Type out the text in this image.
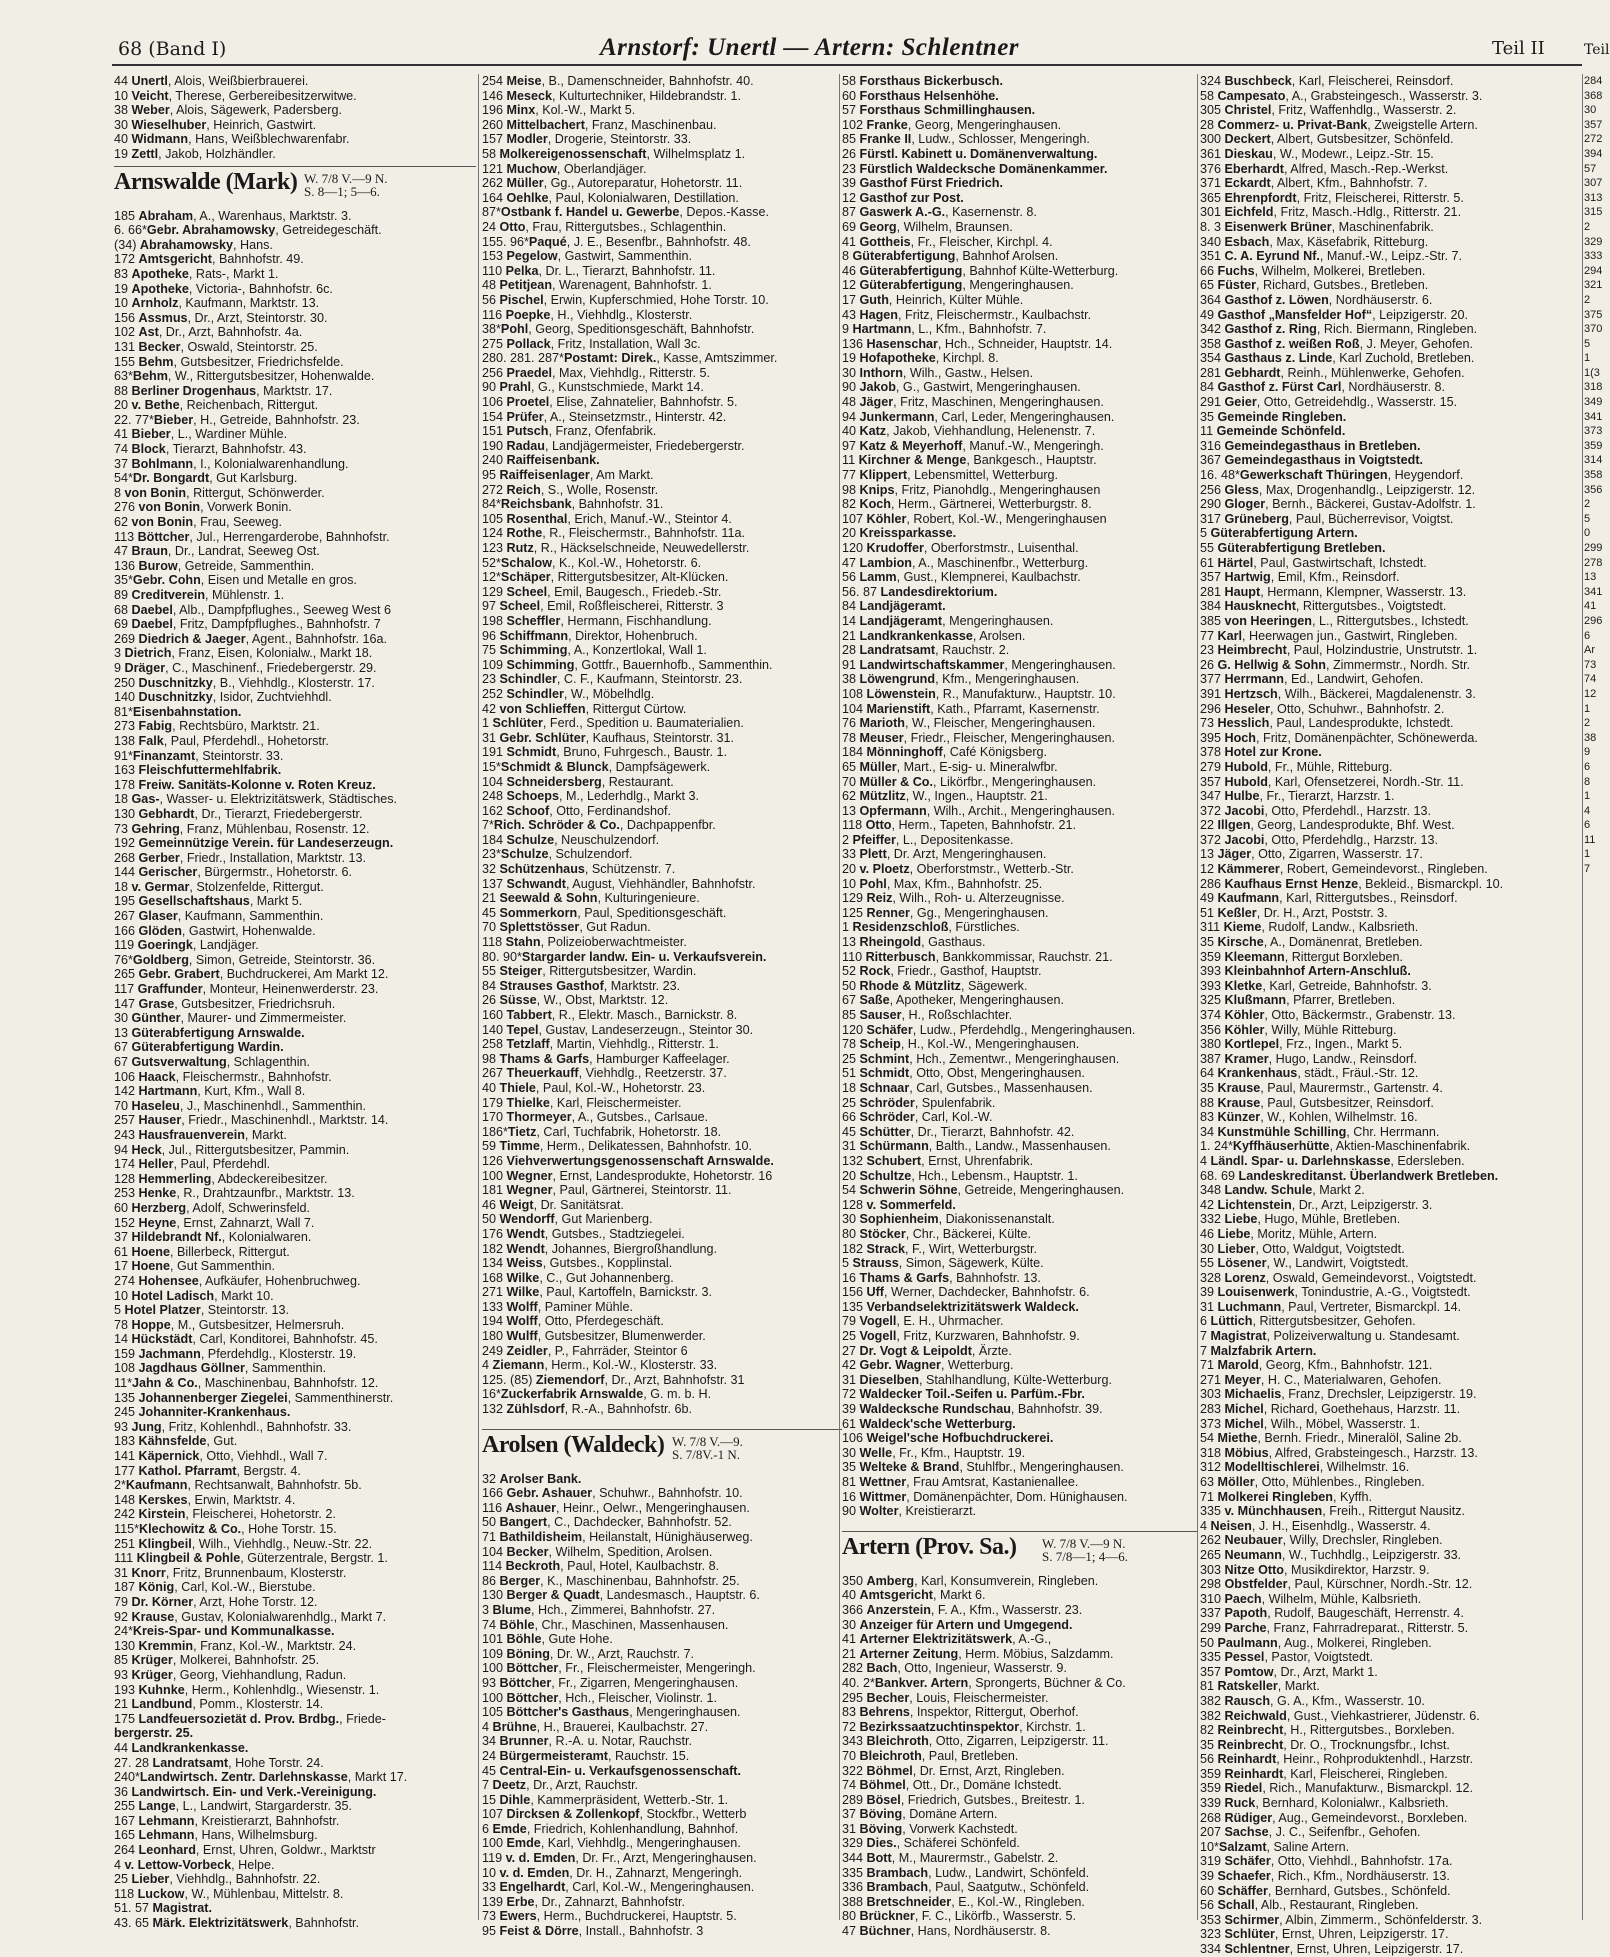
68 (Band I)	Arnstorf: Unertl — Artern: Schlentner	Teil II	Teil
44 Unertl, Alois, Weißbierbrauerei.
10 Veicht, Therese, Gerbereibesitzerwitwe.
38 Weber, Alois, Sägewerk, Padersberg.
30 Wieselhuber, Heinrich, Gastwirt.
40 Widmann, Hans, Weißblechwarenfabr.
19 Zettl, Jakob, Holzhändler.
Arnswalde (Mark) W. 7/8 V.—9 N.
S. 8—1; 5—6.
185 Abraham, A., Warenhaus, Marktstr. 3.
6. 66*Gebr. Abrahamowsky, Getreidegeschäft.
(34) Abrahamowsky, Hans.
172 Amtsgericht, Bahnhofstr. 49.
83 Apotheke, Rats-, Markt 1.
19 Apotheke, Victoria-, Bahnhofstr. 6c.
10 Arnholz, Kaufmann, Marktstr. 13.
156 Assmus, Dr., Arzt, Steintorstr. 30.
102 Ast, Dr., Arzt, Bahnhofstr. 4a.
131 Becker, Oswald, Steintorstr. 25.
155 Behm, Gutsbesitzer, Friedrichsfelde.
63*Behm, W., Rittergutsbesitzer, Hohenwalde.
88 Berliner Drogenhaus, Marktstr. 17.
20 v. Bethe, Reichenbach, Rittergut.
22. 77*Bieber, H., Getreide, Bahnhofstr. 23.
41 Bieber, L., Wardiner Mühle.
74 Block, Tierarzt, Bahnhofstr. 43.
37 Bohlmann, I., Kolonialwarenhandlung.
54*Dr. Bongardt, Gut Karlsburg.
8 von Bonin, Rittergut, Schönwerder.
276 von Bonin, Vorwerk Bonin.
62 von Bonin, Frau, Seeweg.
113 Böttcher, Jul., Herrengarderobe, Bahnhofstr.
47 Braun, Dr., Landrat, Seeweg Ost.
136 Burow, Getreide, Sammenthin.
35*Gebr. Cohn, Eisen und Metalle en gros.
89 Creditverein, Mühlenstr. 1.
68 Daebel, Alb., Dampfpflughes., Seeweg West 6
69 Daebel, Fritz, Dampfpflughes., Bahnhofstr. 7
269 Diedrich & Jaeger, Agent., Bahnhofstr. 16a.
3 Dietrich, Franz, Eisen, Kolonialw., Markt 18.
9 Dräger, C., Maschinenf., Friedebergerstr. 29.
250 Duschnitzky, B., Viehhdlg., Klosterstr. 17.
140 Duschnitzky, Isidor, Zuchtviehhdl.
81*Eisenbahnstation.
273 Fabig, Rechtsbüro, Marktstr. 21.
138 Falk, Paul, Pferdehdl., Hohetorstr.
91*Finanzamt, Steintorstr. 33.
163 Fleischfuttermehlfabrik.
178 Freiw. Sanitäts-Kolonne v. Roten Kreuz.
18 Gas-, Wasser- u. Elektrizitätswerk, Städtisches.
130 Gebhardt, Dr., Tierarzt, Friedebergerstr.
73 Gehring, Franz, Mühlenbau, Rosenstr. 12.
192 Gemeinnützige Verein. für Landeserzeugn.
268 Gerber, Friedr., Installation, Marktstr. 13.
144 Gerischer, Bürgermstr., Hohetorstr. 6.
18 v. Germar, Stolzenfelde, Rittergut.
195 Gesellschaftshaus, Markt 5.
267 Glaser, Kaufmann, Sammenthin.
166 Glöden, Gastwirt, Hohenwalde.
119 Goeringk, Landjäger.
76*Goldberg, Simon, Getreide, Steintorstr. 36.
265 Gebr. Grabert, Buchdruckerei, Am Markt 12.
117 Graffunder, Monteur, Heinenwerderstr. 23.
147 Grase, Gutsbesitzer, Friedrichsruh.
30 Günther, Maurer- und Zimmermeister.
13 Güterabfertigung Arnswalde.
67 Güterabfertigung Wardin.
67 Gutsverwaltung, Schlagenthin.
106 Haack, Fleischermstr., Bahnhofstr.
142 Hartmann, Kurt, Kfm., Wall 8.
70 Haseleu, J., Maschinenhdl., Sammenthin.
257 Hauser, Friedr., Maschinenhdl., Marktstr. 14.
243 Hausfrauenverein, Markt.
94 Heck, Jul., Rittergutsbesitzer, Pammin.
174 Heller, Paul, Pferdehdl.
128 Hemmerling, Abdeckereibesitzer.
253 Henke, R., Drahtzaunfbr., Marktstr. 13.
60 Herzberg, Adolf, Schwerinsfeld.
152 Heyne, Ernst, Zahnarzt, Wall 7.
37 Hildebrandt Nf., Kolonialwaren.
61 Hoene, Billerbeck, Rittergut.
17 Hoene, Gut Sammenthin.
274 Hohensee, Aufkäufer, Hohenbruchweg.
10 Hotel Ladisch, Markt 10.
5 Hotel Platzer, Steintorstr. 13.
78 Hoppe, M., Gutsbesitzer, Helmersruh.
14 Hückstädt, Carl, Konditorei, Bahnhofstr. 45.
159 Jachmann, Pferdehdlg., Klosterstr. 19.
108 Jagdhaus Göllner, Sammenthin.
11*Jahn & Co., Maschinenbau, Bahnhofstr. 12.
135 Johannenberger Ziegelei, Sammenthinerstr.
245 Johanniter-Krankenhaus.
93 Jung, Fritz, Kohlenhdl., Bahnhofstr. 33.
183 Kähnsfelde, Gut.
141 Käpernick, Otto, Viehhdl., Wall 7.
177 Kathol. Pfarramt, Bergstr. 4.
2*Kaufmann, Rechtsanwalt, Bahnhofstr. 5b.
148 Kerskes, Erwin, Marktstr. 4.
242 Kirstein, Fleischerei, Hohetorstr. 2.
115*Klechowitz & Co., Hohe Torstr. 15.
251 Klingbeil, Wilh., Viehhdlg., Neuw.-Str. 22.
111 Klingbeil & Pohle, Güterzentrale, Bergstr. 1.
31 Knorr, Fritz, Brunnenbaum, Klosterstr.
187 König, Carl, Kol.-W., Bierstube.
79 Dr. Körner, Arzt, Hohe Torstr. 12.
92 Krause, Gustav, Kolonialwarenhdlg., Markt 7.
24*Kreis-Spar- und Kommunalkasse.
130 Kremmin, Franz, Kol.-W., Marktstr. 24.
85 Krüger, Molkerei, Bahnhofstr. 25.
93 Krüger, Georg, Viehhandlung, Radun.
193 Kuhnke, Herm., Kohlenhdlg., Wiesenstr. 1.
21 Landbund, Pomm., Klosterstr. 14.
175 Landfeuersozietät d. Prov. Brdbg., Friede-
bergerstr. 25.
44 Landkrankenkasse.
27. 28 Landratsamt, Hohe Torstr. 24.
240*Landwirtsch. Zentr. Darlehnskasse, Markt 17.
36 Landwirtsch. Ein- und Verk.-Vereinigung.
255 Lange, L., Landwirt, Stargarderstr. 35.
167 Lehmann, Kreistierarzt, Bahnhofstr.
165 Lehmann, Hans, Wilhelmsburg.
264 Leonhard, Ernst, Uhren, Goldwr., Marktstr
4 v. Lettow-Vorbeck, Helpe.
25 Lieber, Viehhdlg., Bahnhofstr. 22.
118 Luckow, W., Mühlenbau, Mittelstr. 8.
51. 57 Magistrat.
43. 65 Märk. Elektrizitätswerk, Bahnhofstr.
254 Meise, B., Damenschneider, Bahnhofstr. 40.
146 Meseck, Kulturtechniker, Hildebrandstr. 1.
196 Minx, Kol.-W., Markt 5.
260 Mittelbachert, Franz, Maschinenbau.
157 Modler, Drogerie, Steintorstr. 33.
58 Molkereigenossenschaft, Wilhelmsplatz 1.
121 Muchow, Oberlandjäger.
262 Müller, Gg., Autoreparatur, Hohetorstr. 11.
164 Oehlke, Paul, Kolonialwaren, Destillation.
87*Ostbank f. Handel u. Gewerbe, Depos.-Kasse.
24 Otto, Frau, Rittergutsbes., Schlagenthin.
155. 96*Paqué, J. E., Besenfbr., Bahnhofstr. 48.
153 Pegelow, Gastwirt, Sammenthin.
110 Pelka, Dr. L., Tierarzt, Bahnhofstr. 11.
48 Petitjean, Warenagent, Bahnhofstr. 1.
56 Pischel, Erwin, Kupferschmied, Hohe Torstr. 10.
116 Poepke, H., Viehhdlg., Klosterstr.
38*Pohl, Georg, Speditionsgeschäft, Bahnhofstr.
275 Pollack, Fritz, Installation, Wall 3c.
280. 281. 287*Postamt: Direk., Kasse, Amtszimmer.
256 Praedel, Max, Viehhdlg., Ritterstr. 5.
90 Prahl, G., Kunstschmiede, Markt 14.
106 Proetel, Elise, Zahnatelier, Bahnhofstr. 5.
154 Prüfer, A., Steinsetzmstr., Hinterstr. 42.
151 Putsch, Franz, Ofenfabrik.
190 Radau, Landjägermeister, Friedebergerstr.
240 Raiffeisenbank.
95 Raiffeisenlager, Am Markt.
272 Reich, S., Wolle, Rosenstr.
84*Reichsbank, Bahnhofstr. 31.
105 Rosenthal, Erich, Manuf.-W., Steintor 4.
124 Rothe, R., Fleischermstr., Bahnhofstr. 11a.
123 Rutz, R., Häckselschneide, Neuwedellerstr.
52*Schalow, K., Kol.-W., Hohetorstr. 6.
12*Schäper, Rittergutsbesitzer, Alt-Klücken.
129 Scheel, Emil, Baugesch., Friedeb.-Str.
97 Scheel, Emil, Roßfleischerei, Ritterstr. 3
198 Scheffler, Hermann, Fischhandlung.
96 Schiffmann, Direktor, Hohenbruch.
75 Schimming, A., Konzertlokal, Wall 1.
109 Schimming, Gottfr., Bauernhofb., Sammenthin.
23 Schindler, C. F., Kaufmann, Steintorstr. 23.
252 Schindler, W., Möbelhdlg.
42 von Schlieffen, Rittergut Cürtow.
1 Schlüter, Ferd., Spedition u. Baumaterialien.
31 Gebr. Schlüter, Kaufhaus, Steintorstr. 31.
191 Schmidt, Bruno, Fuhrgesch., Baustr. 1.
15*Schmidt & Blunck, Dampfsägewerk.
104 Schneidersberg, Restaurant.
248 Schoeps, M., Lederhdlg., Markt 3.
162 Schoof, Otto, Ferdinandshof.
7*Rich. Schröder & Co., Dachpappenfbr.
184 Schulze, Neuschulzendorf.
23*Schulze, Schulzendorf.
32 Schützenhaus, Schützenstr. 7.
137 Schwandt, August, Viehhändler, Bahnhofstr.
21 Seewald & Sohn, Kulturingenieure.
45 Sommerkorn, Paul, Speditionsgeschäft.
70 Splettstösser, Gut Radun.
118 Stahn, Polizeioberwachtmeister.
80. 90*Stargarder landw. Ein- u. Verkaufsverein.
55 Steiger, Rittergutsbesitzer, Wardin.
84 Strauses Gasthof, Marktstr. 23.
26 Süsse, W., Obst, Marktstr. 12.
160 Tabbert, R., Elektr. Masch., Barnickstr. 8.
140 Tepel, Gustav, Landeserzeugn., Steintor 30.
258 Tetzlaff, Martin, Viehhdlg., Ritterstr. 1.
98 Thams & Garfs, Hamburger Kaffeelager.
267 Theuerkauff, Viehhdlg., Reetzerstr. 37.
40 Thiele, Paul, Kol.-W., Hohetorstr. 23.
179 Thielke, Karl, Fleischermeister.
170 Thormeyer, A., Gutsbes., Carlsaue.
186*Tietz, Carl, Tuchfabrik, Hohetorstr. 18.
59 Timme, Herm., Delikatessen, Bahnhofstr. 10.
126 Viehverwertungsgenossenschaft Arnswalde.
100 Wegner, Ernst, Landesprodukte, Hohetorstr. 16
181 Wegner, Paul, Gärtnerei, Steintorstr. 11.
46 Weigt, Dr. Sanitätsrat.
50 Wendorff, Gut Marienberg.
176 Wendt, Gutsbes., Stadtziegelei.
182 Wendt, Johannes, Biergroßhandlung.
134 Weiss, Gutsbes., Kopplinstal.
168 Wilke, C., Gut Johannenberg.
271 Wilke, Paul, Kartoffeln, Barnickstr. 3.
133 Wolff, Paminer Mühle.
194 Wolff, Otto, Pferdegeschäft.
180 Wulff, Gutsbesitzer, Blumenwerder.
249 Zeidler, P., Fahrräder, Steintor 6
4 Ziemann, Herm., Kol.-W., Klosterstr. 33.
125. (85) Ziemendorf, Dr., Arzt, Bahnhofstr. 31
16*Zuckerfabrik Arnswalde, G. m. b. H.
132 Zühlsdorf, R.-A., Bahnhofstr. 6b.
Arolsen (Waldeck) W. 7/8 V.—9.
S. 7/8V.-1 N.
32 Arolser Bank.
166 Gebr. Ashauer, Schuhwr., Bahnhofstr. 10.
116 Ashauer, Heinr., Oelwr., Mengeringhausen.
50 Bangert, C., Dachdecker, Bahnhofstr. 52.
71 Bathildisheim, Heilanstalt, Hünighäuserweg.
104 Becker, Wilhelm, Spedition, Arolsen.
114 Beckroth, Paul, Hotel, Kaulbachstr. 8.
86 Berger, K., Maschinenbau, Bahnhofstr. 25.
130 Berger & Quadt, Landesmasch., Hauptstr. 6.
3 Blume, Hch., Zimmerei, Bahnhofstr. 27.
74 Böhle, Chr., Maschinen, Massenhausen.
101 Böhle, Gute Hohe.
109 Böning, Dr. W., Arzt, Rauchstr. 7.
100 Böttcher, Fr., Fleischermeister, Mengeringh.
93 Böttcher, Fr., Zigarren, Mengeringhausen.
100 Böttcher, Hch., Fleischer, Violinstr. 1.
105 Böttcher's Gasthaus, Mengeringhausen.
4 Brühne, H., Brauerei, Kaulbachstr. 27.
34 Brunner, R.-A. u. Notar, Rauchstr.
24 Bürgermeisteramt, Rauchstr. 15.
45 Central-Ein- u. Verkaufsgenossenschaft.
7 Deetz, Dr., Arzt, Rauchstr.
15 Dihle, Kammerpräsident, Wetterb.-Str. 1.
107 Dircksen & Zollenkopf, Stockfbr., Wetterb
6 Emde, Friedrich, Kohlenhandlung, Bahnhof.
100 Emde, Karl, Viehhdlg., Mengeringhausen.
119 v. d. Emden, Dr. Fr., Arzt, Mengeringhausen.
10 v. d. Emden, Dr. H., Zahnarzt, Mengeringh.
33 Engelhardt, Carl, Kol.-W., Mengeringhausen.
139 Erbe, Dr., Zahnarzt, Bahnhofstr.
73 Ewers, Herm., Buchdruckerei, Hauptstr. 5.
95 Feist & Dörre, Install., Bahnhofstr. 3
58 Forsthaus Bickerbusch.
60 Forsthaus Helsenhöhe.
57 Forsthaus Schmillinghausen.
102 Franke, Georg, Mengeringhausen.
85 Franke II, Ludw., Schlosser, Mengeringh.
26 Fürstl. Kabinett u. Domänenverwaltung.
23 Fürstlich Waldecksche Domänenkammer.
39 Gasthof Fürst Friedrich.
12 Gasthof zur Post.
87 Gaswerk A.-G., Kasernenstr. 8.
69 Georg, Wilhelm, Braunsen.
41 Gottheis, Fr., Fleischer, Kirchpl. 4.
8 Güterabfertigung, Bahnhof Arolsen.
46 Güterabfertigung, Bahnhof Külte-Wetterburg.
12 Güterabfertigung, Mengeringhausen.
17 Guth, Heinrich, Külter Mühle.
43 Hagen, Fritz, Fleischermstr., Kaulbachstr.
9 Hartmann, L., Kfm., Bahnhofstr. 7.
136 Hasenschar, Hch., Schneider, Hauptstr. 14.
19 Hofapotheke, Kirchpl. 8.
30 Inthorn, Wilh., Gastw., Helsen.
90 Jakob, G., Gastwirt, Mengeringhausen.
48 Jäger, Fritz, Maschinen, Mengeringhausen.
94 Junkermann, Carl, Leder, Mengeringhausen.
40 Katz, Jakob, Viehhandlung, Helenenstr. 7.
97 Katz & Meyerhoff, Manuf.-W., Mengeringh.
11 Kirchner & Menge, Bankgesch., Hauptstr.
77 Klippert, Lebensmittel, Wetterburg.
98 Knips, Fritz, Pianohdlg., Mengeringhausen
82 Koch, Herm., Gärtnerei, Wetterburgstr. 8.
107 Köhler, Robert, Kol.-W., Mengeringhausen
20 Kreissparkasse.
120 Krudoffer, Oberforstmstr., Luisenthal.
47 Lambion, A., Maschinenfbr., Wetterburg.
56 Lamm, Gust., Klempnerei, Kaulbachstr.
56. 87 Landesdirektorium.
84 Landjägeramt.
14 Landjägeramt, Mengeringhausen.
21 Landkrankenkasse, Arolsen.
28 Landratsamt, Rauchstr. 2.
91 Landwirtschaftskammer, Mengeringhausen.
38 Löwengrund, Kfm., Mengeringhausen.
108 Löwenstein, R., Manufakturw., Hauptstr. 10.
104 Marienstift, Kath., Pfarramt, Kasernenstr.
76 Marioth, W., Fleischer, Mengeringhausen.
78 Meuser, Friedr., Fleischer, Mengeringhausen.
184 Mönninghoff, Café Königsberg.
65 Müller, Mart., E-sig- u. Mineralwfbr.
70 Müller & Co., Likörfbr., Mengeringhausen.
62 Mützlitz, W., Ingen., Hauptstr. 21.
13 Opfermann, Wilh., Archit., Mengeringhausen.
118 Otto, Herm., Tapeten, Bahnhofstr. 21.
2 Pfeiffer, L., Depositenkasse.
33 Plett, Dr. Arzt, Mengeringhausen.
20 v. Ploetz, Oberforstmstr., Wetterb.-Str.
10 Pohl, Max, Kfm., Bahnhofstr. 25.
129 Reiz, Wilh., Roh- u. Alterzeugnisse.
125 Renner, Gg., Mengeringhausen.
1 Residenzschloß, Fürstliches.
13 Rheingold, Gasthaus.
110 Ritterbusch, Bankkommissar, Rauchstr. 21.
52 Rock, Friedr., Gasthof, Hauptstr.
50 Rhode & Mützlitz, Sägewerk.
67 Saße, Apotheker, Mengeringhausen.
85 Sauser, H., Roßschlachter.
120 Schäfer, Ludw., Pferdehdlg., Mengeringhausen.
78 Scheip, H., Kol.-W., Mengeringhausen.
25 Schmint, Hch., Zementwr., Mengeringhausen.
51 Schmidt, Otto, Obst, Mengeringhausen.
18 Schnaar, Carl, Gutsbes., Massenhausen.
25 Schröder, Spulenfabrik.
66 Schröder, Carl, Kol.-W.
45 Schütter, Dr., Tierarzt, Bahnhofstr. 42.
31 Schürmann, Balth., Landw., Massenhausen.
132 Schubert, Ernst, Uhrenfabrik.
20 Schultze, Hch., Lebensm., Hauptstr. 1.
54 Schwerin Söhne, Getreide, Mengeringhausen.
128 v. Sommerfeld.
30 Sophienheim, Diakonissenanstalt.
80 Stöcker, Chr., Bäckerei, Külte.
182 Strack, F., Wirt, Wetterburgstr.
5 Strauss, Simon, Sägewerk, Külte.
16 Thams & Garfs, Bahnhofstr. 13.
156 Uff, Werner, Dachdecker, Bahnhofstr. 6.
135 Verbandselektrizitätswerk Waldeck.
79 Vogell, E. H., Uhrmacher.
25 Vogell, Fritz, Kurzwaren, Bahnhofstr. 9.
27 Dr. Vogt & Leipoldt, Ärzte.
42 Gebr. Wagner, Wetterburg.
31 Dieselben, Stahlhandlung, Külte-Wetterburg.
72 Waldecker Toil.-Seifen u. Parfüm.-Fbr.
39 Waldecksche Rundschau, Bahnhofstr. 39.
61 Waldeck'sche Wetterburg.
106 Weigel'sche Hofbuchdruckerei.
30 Welle, Fr., Kfm., Hauptstr. 19.
35 Welteke & Brand, Stuhlfbr., Mengeringhausen.
81 Wettner, Frau Amtsrat, Kastanienallee.
16 Wittmer, Domänenpächter, Dom. Hünighausen.
90 Wolter, Kreistierarzt.
Artern (Prov. Sa.) W. 7/8 V.—9 N.
S. 7/8—1; 4—6.
350 Amberg, Karl, Konsumverein, Ringleben.
40 Amtsgericht, Markt 6.
366 Anzerstein, F. A., Kfm., Wasserstr. 23.
30 Anzeiger für Artern und Umgegend.
41 Arterner Elektrizitätswerk, A.-G.,
21 Arterner Zeitung, Herm. Möbius, Salzdamm.
282 Bach, Otto, Ingenieur, Wasserstr. 9.
40. 2*Bankver. Artern, Sprongerts, Büchner & Co.
295 Becher, Louis, Fleischermeister.
83 Behrens, Inspektor, Rittergut, Oberhof.
72 Bezirkssaatzuchtinspektor, Kirchstr. 1.
343 Bleichroth, Otto, Zigarren, Leipzigerstr. 11.
70 Bleichroth, Paul, Bretleben.
322 Böhmel, Dr. Ernst, Arzt, Ringleben.
74 Böhmel, Ott., Dr., Domäne Ichstedt.
289 Bösel, Friedrich, Gutsbes., Breitestr. 1.
37 Böving, Domäne Artern.
31 Böving, Vorwerk Kachstedt.
329 Dies., Schäferei Schönfeld.
344 Bott, M., Maurermstr., Gabelstr. 2.
335 Brambach, Ludw., Landwirt, Schönfeld.
336 Brambach, Paul, Saatgutw., Schönfeld.
388 Bretschneider, E., Kol.-W., Ringleben.
80 Brückner, F. C., Likörfb., Wasserstr. 5.
47 Büchner, Hans, Nordhäuserstr. 8.
324 Buschbeck, Karl, Fleischerei, Reinsdorf.
58 Campesato, A., Grabsteingesch., Wasserstr. 3.
305 Christel, Fritz, Waffenhdlg., Wasserstr. 2.
28 Commerz- u. Privat-Bank, Zweigstelle Artern.
300 Deckert, Albert, Gutsbesitzer, Schönfeld.
361 Dieskau, W., Modewr., Leipz.-Str. 15.
376 Eberhardt, Alfred, Masch.-Rep.-Werkst.
371 Eckardt, Albert, Kfm., Bahnhofstr. 7.
365 Ehrenpfordt, Fritz, Fleischerei, Ritterstr. 5.
301 Eichfeld, Fritz, Masch.-Hdlg., Ritterstr. 21.
8. 3 Eisenwerk Brüner, Maschinenfabrik.
340 Esbach, Max, Käsefabrik, Ritteburg.
351 C. A. Eyrund Nf., Manuf.-W., Leipz.-Str. 7.
66 Fuchs, Wilhelm, Molkerei, Bretleben.
65 Füster, Richard, Gutsbes., Bretleben.
364 Gasthof z. Löwen, Nordhäuserstr. 6.
49 Gasthof „Mansfelder Hof“, Leipzigerstr. 20.
342 Gasthof z. Ring, Rich. Biermann, Ringleben.
358 Gasthof z. weißen Roß, J. Meyer, Gehofen.
354 Gasthaus z. Linde, Karl Zuchold, Bretleben.
281 Gebhardt, Reinh., Mühlenwerke, Gehofen.
84 Gasthof z. Fürst Carl, Nordhäuserstr. 8.
291 Geier, Otto, Getreidehdlg., Wasserstr. 15.
35 Gemeinde Ringleben.
11 Gemeinde Schönfeld.
316 Gemeindegasthaus in Bretleben.
367 Gemeindegasthaus in Voigtstedt.
16. 48*Gewerkschaft Thüringen, Heygendorf.
256 Gless, Max, Drogenhandlg., Leipzigerstr. 12.
290 Gloger, Bernh., Bäckerei, Gustav-Adolfstr. 1.
317 Grüneberg, Paul, Bücherrevisor, Voigtst.
5 Güterabfertigung Artern.
55 Güterabfertigung Bretleben.
61 Härtel, Paul, Gastwirtschaft, Ichstedt.
357 Hartwig, Emil, Kfm., Reinsdorf.
281 Haupt, Hermann, Klempner, Wasserstr. 13.
384 Hausknecht, Rittergutsbes., Voigtstedt.
385 von Heeringen, L., Rittergutsbes., Ichstedt.
77 Karl, Heerwagen jun., Gastwirt, Ringleben.
23 Heimbrecht, Paul, Holzindustrie, Unstrutstr. 1.
26 G. Hellwig & Sohn, Zimmermstr., Nordh. Str.
377 Herrmann, Ed., Landwirt, Gehofen.
391 Hertzsch, Wilh., Bäckerei, Magdalenenstr. 3.
296 Heseler, Otto, Schuhwr., Bahnhofstr. 2.
73 Hesslich, Paul, Landesprodukte, Ichstedt.
395 Hoch, Fritz, Domänenpächter, Schönewerda.
378 Hotel zur Krone.
279 Hubold, Fr., Mühle, Ritteburg.
357 Hubold, Karl, Ofensetzerei, Nordh.-Str. 11.
347 Hulbe, Fr., Tierarzt, Harzstr. 1.
372 Jacobi, Otto, Pferdehdl., Harzstr. 13.
22 Illgen, Georg, Landesprodukte, Bhf. West.
372 Jacobi, Otto, Pferdehdlg., Harzstr. 13.
13 Jäger, Otto, Zigarren, Wasserstr. 17.
12 Kämmerer, Robert, Gemeindevorst., Ringleben.
286 Kaufhaus Ernst Henze, Bekleid., Bismarckpl. 10.
49 Kaufmann, Karl, Rittergutsbes., Reinsdorf.
51 Keßler, Dr. H., Arzt, Poststr. 3.
311 Kieme, Rudolf, Landw., Kalbsrieth.
35 Kirsche, A., Domänenrat, Bretleben.
359 Kleemann, Rittergut Borxleben.
393 Kleinbahnhof Artern-Anschluß.
393 Kletke, Karl, Getreide, Bahnhofstr. 3.
325 Klußmann, Pfarrer, Bretleben.
374 Köhler, Otto, Bäckermstr., Grabenstr. 13.
356 Köhler, Willy, Mühle Ritteburg.
380 Kortlepel, Frz., Ingen., Markt 5.
387 Kramer, Hugo, Landw., Reinsdorf.
64 Krankenhaus, städt., Fräul.-Str. 12.
35 Krause, Paul, Maurermstr., Gartenstr. 4.
88 Krause, Paul, Gutsbesitzer, Reinsdorf.
83 Künzer, W., Kohlen, Wilhelmstr. 16.
34 Kunstmühle Schilling, Chr. Herrmann.
1. 24*Kyffhäuserhütte, Aktien-Maschinenfabrik.
4 Ländl. Spar- u. Darlehnskasse, Edersleben.
68. 69 Landeskreditanst. Überlandwerk Bretleben.
348 Landw. Schule, Markt 2.
42 Lichtenstein, Dr., Arzt, Leipzigerstr. 3.
332 Liebe, Hugo, Mühle, Bretleben.
46 Liebe, Moritz, Mühle, Artern.
30 Lieber, Otto, Waldgut, Voigtstedt.
55 Lösener, W., Landwirt, Voigtstedt.
328 Lorenz, Oswald, Gemeindevorst., Voigtstedt.
39 Louisenwerk, Tonindustrie, A.-G., Voigtstedt.
31 Luchmann, Paul, Vertreter, Bismarckpl. 14.
6 Lüttich, Rittergutsbesitzer, Gehofen.
7 Magistrat, Polizeiverwaltung u. Standesamt.
7 Malzfabrik Artern.
71 Marold, Georg, Kfm., Bahnhofstr. 121.
271 Meyer, H. C., Materialwaren, Gehofen.
303 Michaelis, Franz, Drechsler, Leipzigerstr. 19.
283 Michel, Richard, Goethehaus, Harzstr. 11.
373 Michel, Wilh., Möbel, Wasserstr. 1.
54 Miethe, Bernh. Friedr., Mineralöl, Saline 2b.
318 Möbius, Alfred, Grabsteingesch., Harzstr. 13.
312 Modelltischlerei, Wilhelmstr. 16.
63 Möller, Otto, Mühlenbes., Ringleben.
71 Molkerei Ringleben, Kyffh.
335 v. Münchhausen, Freih., Rittergut Nausitz.
4 Neisen, J. H., Eisenhdlg., Wasserstr. 4.
262 Neubauer, Willy, Drechsler, Ringleben.
265 Neumann, W., Tuchhdlg., Leipzigerstr. 33.
303 Nitze Otto, Musikdirektor, Harzstr. 9.
298 Obstfelder, Paul, Kürschner, Nordh.-Str. 12.
310 Paech, Wilhelm, Mühle, Kalbsrieth.
337 Papoth, Rudolf, Baugeschäft, Herrenstr. 4.
299 Parche, Franz, Fahrradreparat., Ritterstr. 5.
50 Paulmann, Aug., Molkerei, Ringleben.
335 Pessel, Pastor, Voigtstedt.
357 Pomtow, Dr., Arzt, Markt 1.
81 Ratskeller, Markt.
382 Rausch, G. A., Kfm., Wasserstr. 10.
382 Reichwald, Gust., Viehkastrierer, Jüdenstr. 6.
82 Reinbrecht, H., Rittergutsbes., Borxleben.
35 Reinbrecht, Dr. O., Trocknungsfbr., Ichst.
56 Reinhardt, Heinr., Rohproduktenhdl., Harzstr.
359 Reinhardt, Karl, Fleischerei, Ringleben.
359 Riedel, Rich., Manufakturw., Bismarckpl. 12.
339 Ruck, Bernhard, Kolonialwr., Kalbsrieth.
268 Rüdiger, Aug., Gemeindevorst., Borxleben.
207 Sachse, J. C., Seifenfbr., Gehofen.
10*Salzamt, Saline Artern.
319 Schäfer, Otto, Viehhdl., Bahnhofstr. 17a.
39 Schaefer, Rich., Kfm., Nordhäuserstr. 13.
60 Schäffer, Bernhard, Gutsbes., Schönfeld.
56 Schall, Alb., Restaurant, Ringleben.
353 Schirmer, Albin, Zimmerm., Schönfelderstr. 3.
323 Schlüter, Ernst, Uhren, Leipzigerstr. 17.
334 Schlentner, Ernst, Uhren, Leipzigerstr. 17.
284
368
30
357
272
394
57
307
313
315
2
329
333
294
321
2
375
370
5
1
1(3
318
349
341
373
359
314
358
356
2
5
0
299
278
13
341
41
296
6
Ar
73
74
12
1
2
38
9
6
8
1
4
6
11
1
7
